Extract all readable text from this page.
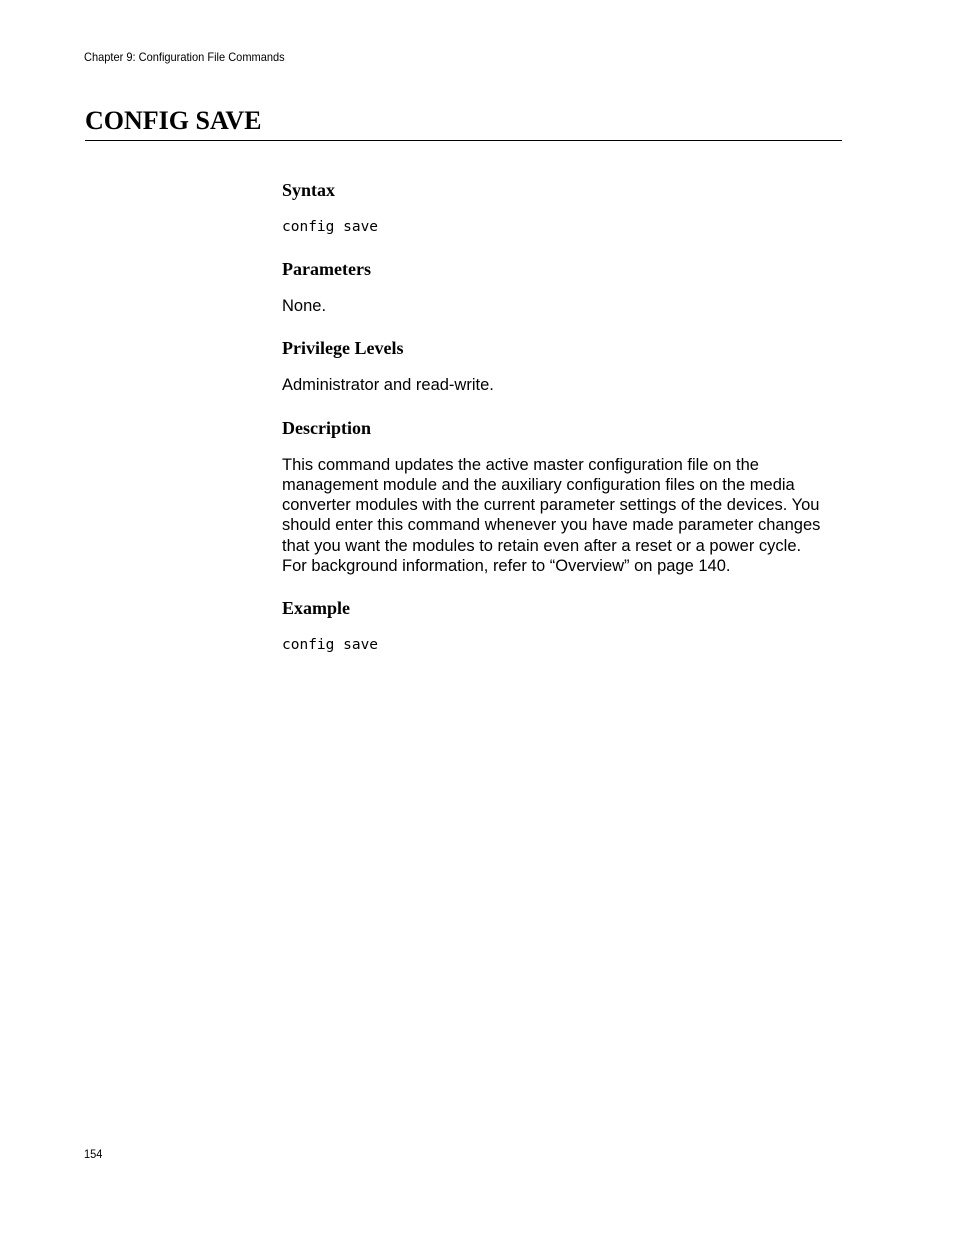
Chapter 9: Configuration File Commands
CONFIG SAVE
Syntax
config save
Parameters

None.

Privilege Levels

Administrator and read-write.

Description
This command updates the active master configuration file on the
management module and the auxiliary configuration files on the media
converter modules with the current parameter settings of the devices. You
should enter this command whenever you have made parameter changes
that you want the modules to retain even after a reset or a power cycle.
For background information, refer to “Overview” on page 140.
Example
config save
154
